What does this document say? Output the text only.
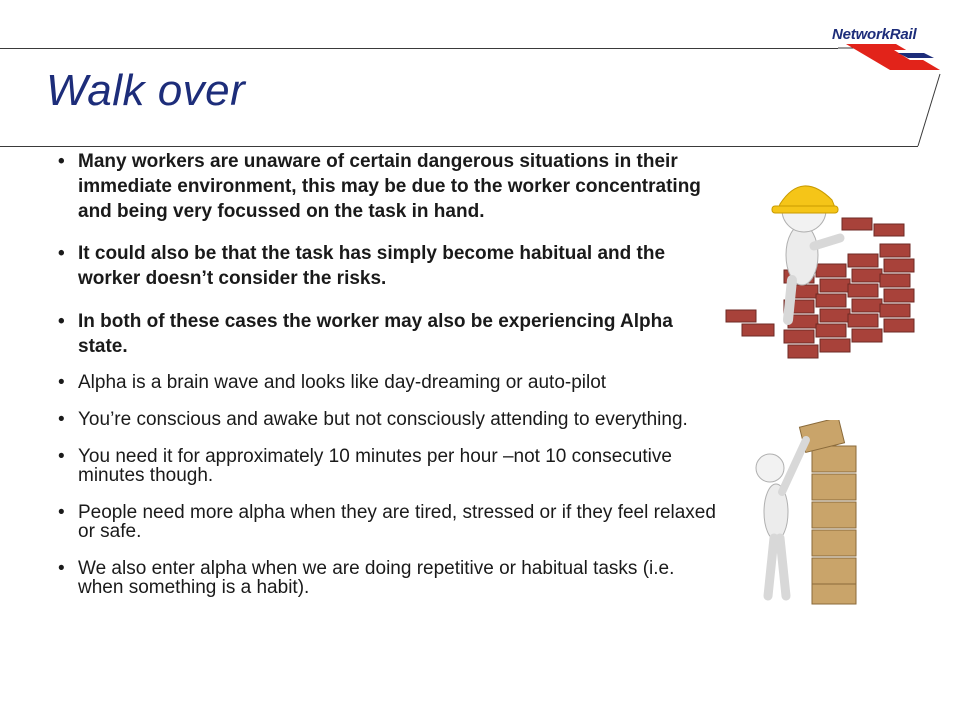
NetworkRail
Walk over
• Many workers are unaware of certain dangerous situations in their immediate environment, this may be due to the worker concentrating and being very focussed on the task in hand.
• It could also be that the task has simply become habitual and the worker doesn’t consider the risks.
• In both of these cases the worker may also be experiencing Alpha state.
• Alpha is a brain wave and looks like day-dreaming or auto-pilot
• You’re conscious and awake but not consciously attending to everything.
• You need it for approximately 10 minutes per hour –not 10 consecutive minutes though.
• People need more alpha when they are tired, stressed or if they feel relaxed or safe.
• We also enter alpha when we are doing repetitive or habitual tasks (i.e. when something is a habit).
